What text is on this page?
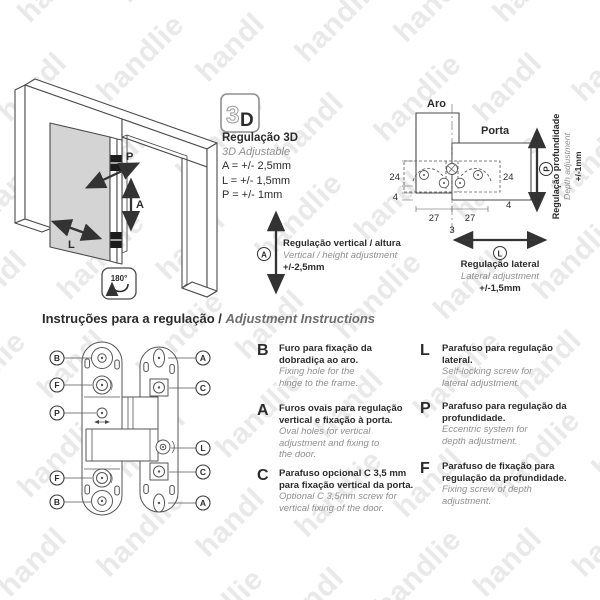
P
A
L
180°
3 D
Aro
Porta
24
4
24
4
27	27
3
P
L
A
B
F
P
F
B
A
C
L
C
A
Regulação 3D
3D Adjustable
A = +/- 2,5mm
L = +/- 1,5mm
P = +/- 1mm
Regulação vertical / altura
Vertical / height adjustment
+/-2,5mm	Regulação lateral
Lateral adjustment
+/-1,5mm
Regulação profundidade Depth adjustment +/-1mm
Instruções para a regulação / Adjustment Instructions
B	Furo para fixação da
dobradiça ao aro.
Fixing hole for the
hinge to the frame.
A	Furos ovais para regulação
vertical e fixação à porta.
Oval holes for vertical
adjustment and fixing to
the door.
C	Parafuso opcional C 3,5 mm
para fixação vertical da porta.
Optional C 3,5mm screw for
vertical fixing of the door.
L	Parafuso para regulação
lateral.
Self-locking screw for
lateral adjustment.
P	Parafuso para regulação da
profundidade.
Eccentric system for
depth adjustment.
F	Parafuso de fixação para
regulação da profundidade.
Fixing screw of depth
adjustment.
